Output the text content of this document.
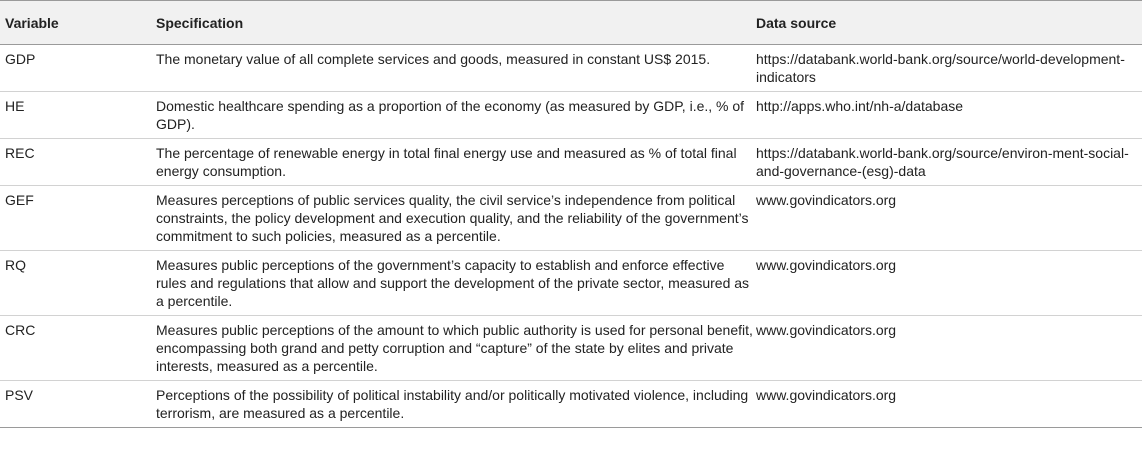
Variable	Specification	Data source
GDP	The monetary value of all complete services and goods, measured in constant US$ 2015.	https://databank.world-bank.org/source/world-development-indicators
HE	Domestic healthcare spending as a proportion of the economy (as measured by GDP, i.e., % of GDP).	http://apps.who.int/nh-a/database
REC	The percentage of renewable energy in total final energy use and measured as % of total final energy consumption.	https://databank.world-bank.org/source/environ-ment-social-and-governance-(esg)-data
GEF	Measures perceptions of public services quality, the civil service’s independence from political constraints, the policy development and execution quality, and the reliability of the government’s commitment to such policies, measured as a percentile.	www.govindicators.org
RQ	Measures public perceptions of the government’s capacity to establish and enforce effective rules and regulations that allow and support the development of the private sector, measured as a percentile.	www.govindicators.org
CRC	Measures public perceptions of the amount to which public authority is used for personal benefit, encompassing both grand and petty corruption and “capture” of the state by elites and private interests, measured as a percentile.	www.govindicators.org
PSV	Perceptions of the possibility of political instability and/or politically motivated violence, including terrorism, are measured as a percentile.	www.govindicators.org
